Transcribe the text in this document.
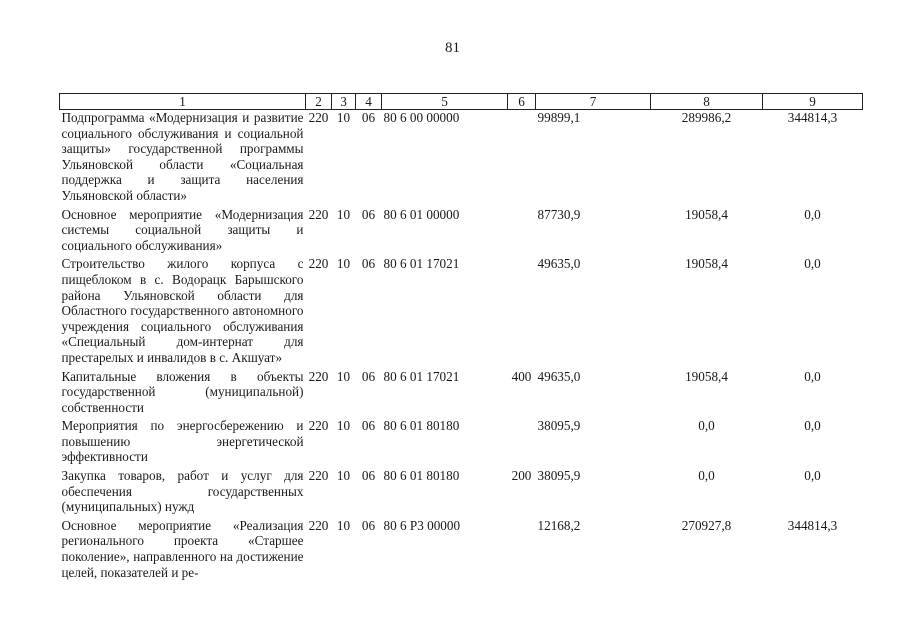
81
1	2	3	4	5	6	7	8	9
Подпрограмма «Модернизация и развитие социального обслуживания и социальной защиты» государственной программы Ульяновской области «Социальная поддержка и защита населения Ульяновской области»	220	10	06	80 6 00 00000		99899,1	289986,2	344814,3
Основное мероприятие «Модернизация системы социальной защиты и социального обслуживания»	220	10	06	80 6 01 00000		87730,9	19058,4	0,0
Строительство жилого корпуса с пищеблоком в с. Водорацк Барышского района Ульяновской области для Областного государственного автономного учреждения социального обслуживания «Специальный дом-интернат для престарелых и инвалидов в с. Акшуат»	220	10	06	80 6 01 17021		49635,0	19058,4	0,0
Капитальные вложения в объекты государственной (муниципальной) собственности	220	10	06	80 6 01 17021	400	49635,0	19058,4	0,0
Мероприятия по энергосбережению и повышению энергетической эффективности	220	10	06	80 6 01 80180		38095,9	0,0	0,0
Закупка товаров, работ и услуг для обеспечения государственных (муниципальных) нужд	220	10	06	80 6 01 80180	200	38095,9	0,0	0,0
Основное мероприятие «Реализация регионального проекта «Старшее поколение», направленного на достижение целей, показателей и ре-	220	10	06	80 6 P3 00000		12168,2	270927,8	344814,3
